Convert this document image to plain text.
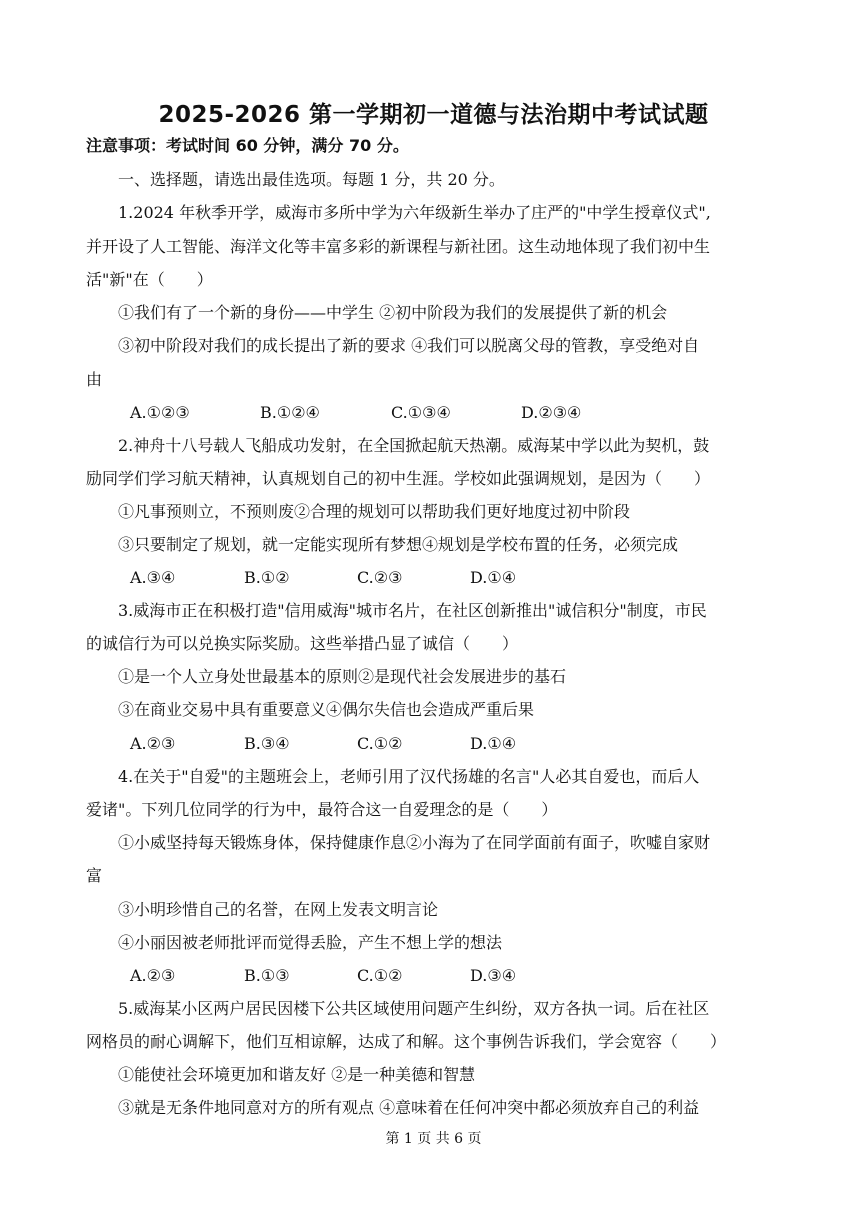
2025-2026 第一学期初一道德与法治期中考试试题
注意事项：考试时间 60 分钟，满分 70 分。
一、选择题，请选出最佳选项。每题 1 分，共 20 分。
1.2024 年秋季开学，威海市多所中学为六年级新生举办了庄严的"中学生授章仪式",
并开设了人工智能、海洋文化等丰富多彩的新课程与新社团。这生动地体现了我们初中生
活"新"在（　　）
①我们有了一个新的身份——中学生 ②初中阶段为我们的发展提供了新的机会
③初中阶段对我们的成长提出了新的要求 ④我们可以脱离父母的管教，享受绝对自
由
A.①②③	B.①②④	C.①③④	D.②③④
2.神舟十八号载人飞船成功发射，在全国掀起航天热潮。威海某中学以此为契机，鼓
励同学们学习航天精神，认真规划自己的初中生涯。学校如此强调规划，是因为（　　）
①凡事预则立，不预则废②合理的规划可以帮助我们更好地度过初中阶段
③只要制定了规划，就一定能实现所有梦想④规划是学校布置的任务，必须完成
A.③④	B.①②	C.②③	D.①④
3.威海市正在积极打造"信用威海"城市名片，在社区创新推出"诚信积分"制度，市民
的诚信行为可以兑换实际奖励。这些举措凸显了诚信（　　）
①是一个人立身处世最基本的原则②是现代社会发展进步的基石
③在商业交易中具有重要意义④偶尔失信也会造成严重后果
A.②③	B.③④	C.①②	D.①④
4.在关于"自爱"的主题班会上，老师引用了汉代扬雄的名言"人必其自爱也，而后人
爱诸"。下列几位同学的行为中，最符合这一自爱理念的是（　　）
①小威坚持每天锻炼身体，保持健康作息②小海为了在同学面前有面子，吹嘘自家财
富
③小明珍惜自己的名誉，在网上发表文明言论
④小丽因被老师批评而觉得丢脸，产生不想上学的想法
A.②③	B.①③	C.①②	D.③④
5.威海某小区两户居民因楼下公共区域使用问题产生纠纷，双方各执一词。后在社区
网格员的耐心调解下，他们互相谅解，达成了和解。这个事例告诉我们，学会宽容（　　）
①能使社会环境更加和谐友好 ②是一种美德和智慧
③就是无条件地同意对方的所有观点 ④意味着在任何冲突中都必须放弃自己的利益
第 1 页 共 6 页
